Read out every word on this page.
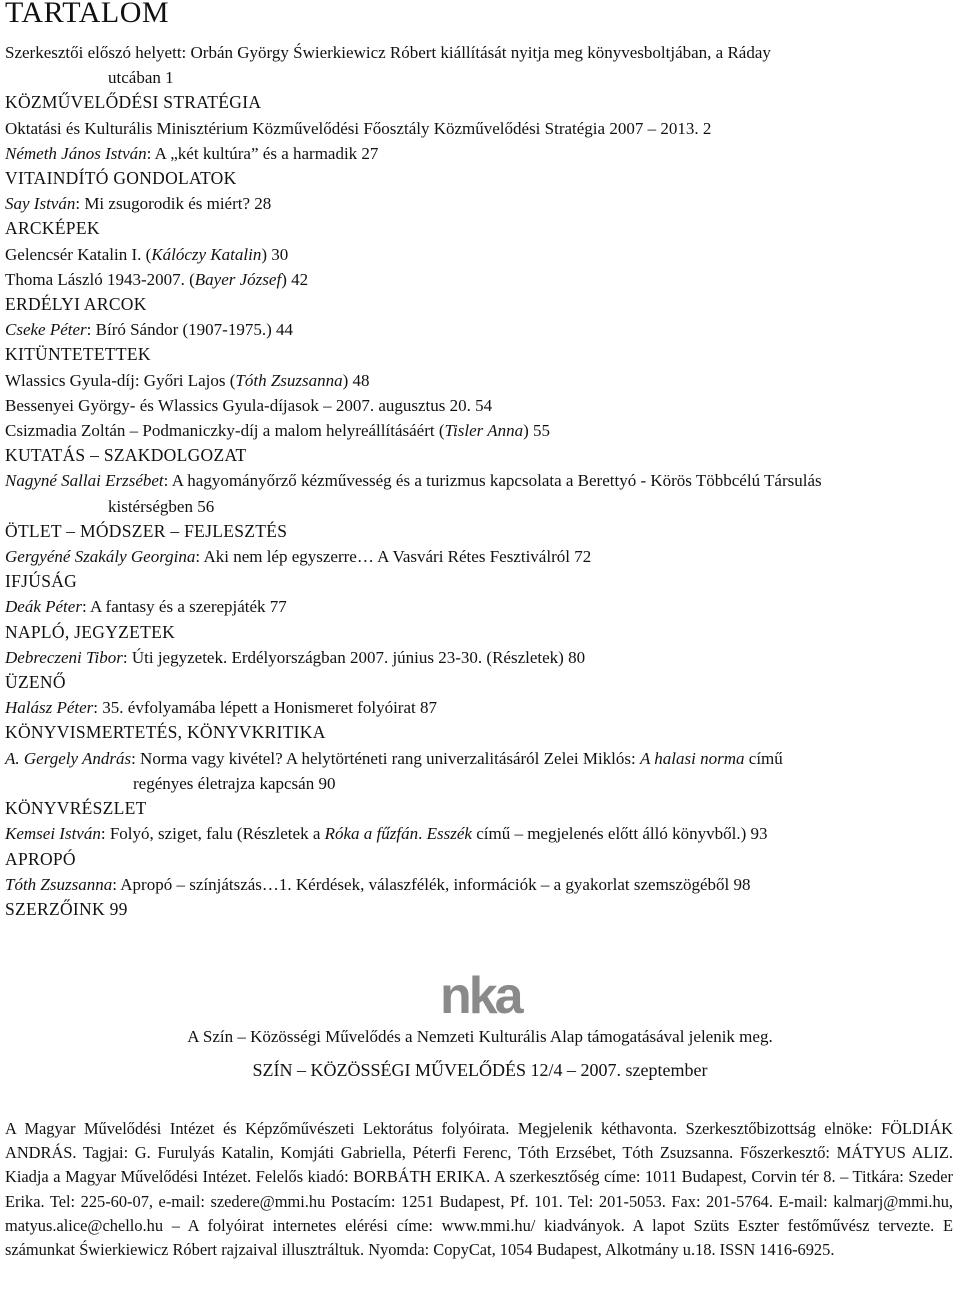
TARTALOM
Szerkesztői előszó helyett: Orbán György Świerkiewicz Róbert kiállítását nyitja meg könyvesboltjában, a Ráday
utcában 1
KÖZMŰVELŐDÉSI STRATÉGIA
Oktatási és Kulturális Minisztérium Közművelődési Főosztály Közművelődési Stratégia 2007 – 2013. 2
Németh János István: A „két kultúra” és a harmadik 27
VITAINDÍTÓ GONDOLATOK
Say István: Mi zsugorodik és miért? 28
ARCKÉPEK
Gelencsér Katalin I. (Kálóczy Katalin) 30
Thoma László 1943-2007. (Bayer József) 42
ERDÉLYI ARCOK
Cseke Péter: Bíró Sándor (1907-1975.) 44
KITÜNTETETTEK
Wlassics Gyula-díj: Győri Lajos (Tóth Zsuzsanna) 48
Bessenyei György- és Wlassics Gyula-díjasok – 2007. augusztus 20. 54
Csizmadia Zoltán – Podmaniczky-díj a malom helyreállításáért (Tisler Anna) 55
KUTATÁS – SZAKDOLGOZAT
Nagyné Sallai Erzsébet: A hagyományőrző kézművesség és a turizmus kapcsolata a Berettyó - Körös Többcélú Társulás
kistérségben 56
ÖTLET – MÓDSZER – FEJLESZTÉS
Gergyéné Szakály Georgina: Aki nem lép egyszerre… A Vasvári Rétes Fesztiválról 72
IFJÚSÁG
Deák Péter: A fantasy és a szerepjáték 77
NAPLÓ, JEGYZETEK
Debreczeni Tibor: Úti jegyzetek. Erdélyországban 2007. június 23-30. (Részletek) 80
ÜZENŐ
Halász Péter: 35. évfolyamába lépett a Honismeret folyóirat 87
KÖNYVISMERTETÉS, KÖNYVKRITIKA
A. Gergely András: Norma vagy kivétel? A helytörténeti rang univerzalitásáról Zelei Miklós: A halasi norma című
regényes életrajza kapcsán 90
KÖNYVRÉSZLET
Kemsei István: Folyó, sziget, falu (Részletek a Róka a fűzfán. Esszék című – megjelenés előtt álló könyvből.) 93
APROPÓ
Tóth Zsuzsanna: Apropó – színjátszás…1. Kérdések, válaszfélék, információk – a gyakorlat szemszögéből 98
SZERZŐINK 99
nka
A Szín – Közösségi Művelődés a Nemzeti Kulturális Alap támogatásával jelenik meg.
SZÍN – KÖZÖSSÉGI MŰVELŐDÉS 12/4 – 2007. szeptember
A Magyar Művelődési Intézet és Képzőművészeti Lektorátus folyóirata. Megjelenik kéthavonta. Szerkesztőbizottság elnöke: FÖLDIÁK ANDRÁS. Tagjai: G. Furulyás Katalin, Komjáti Gabriella, Péterfi Ferenc, Tóth Erzsébet, Tóth Zsuzsanna. Főszerkesztő: MÁTYUS ALIZ. Kiadja a Magyar Művelődési Intézet. Felelős kiadó: BORBÁTH ERIKA. A szerkesztőség címe: 1011 Budapest, Corvin tér 8. – Titkára: Szeder Erika. Tel: 225-60-07, e-mail: szedere@mmi.hu Postacím: 1251 Budapest, Pf. 101. Tel: 201-5053. Fax: 201-5764. E-mail: kalmarj@mmi.hu, matyus.alice@chello.hu – A folyóirat internetes elérési címe: www.mmi.hu/ kiadványok. A lapot Szüts Eszter festőművész tervezte. E számunkat Świerkiewicz Róbert rajzaival illusztráltuk. Nyomda: CopyCat, 1054 Budapest, Alkotmány u.18. ISSN 1416-6925.
